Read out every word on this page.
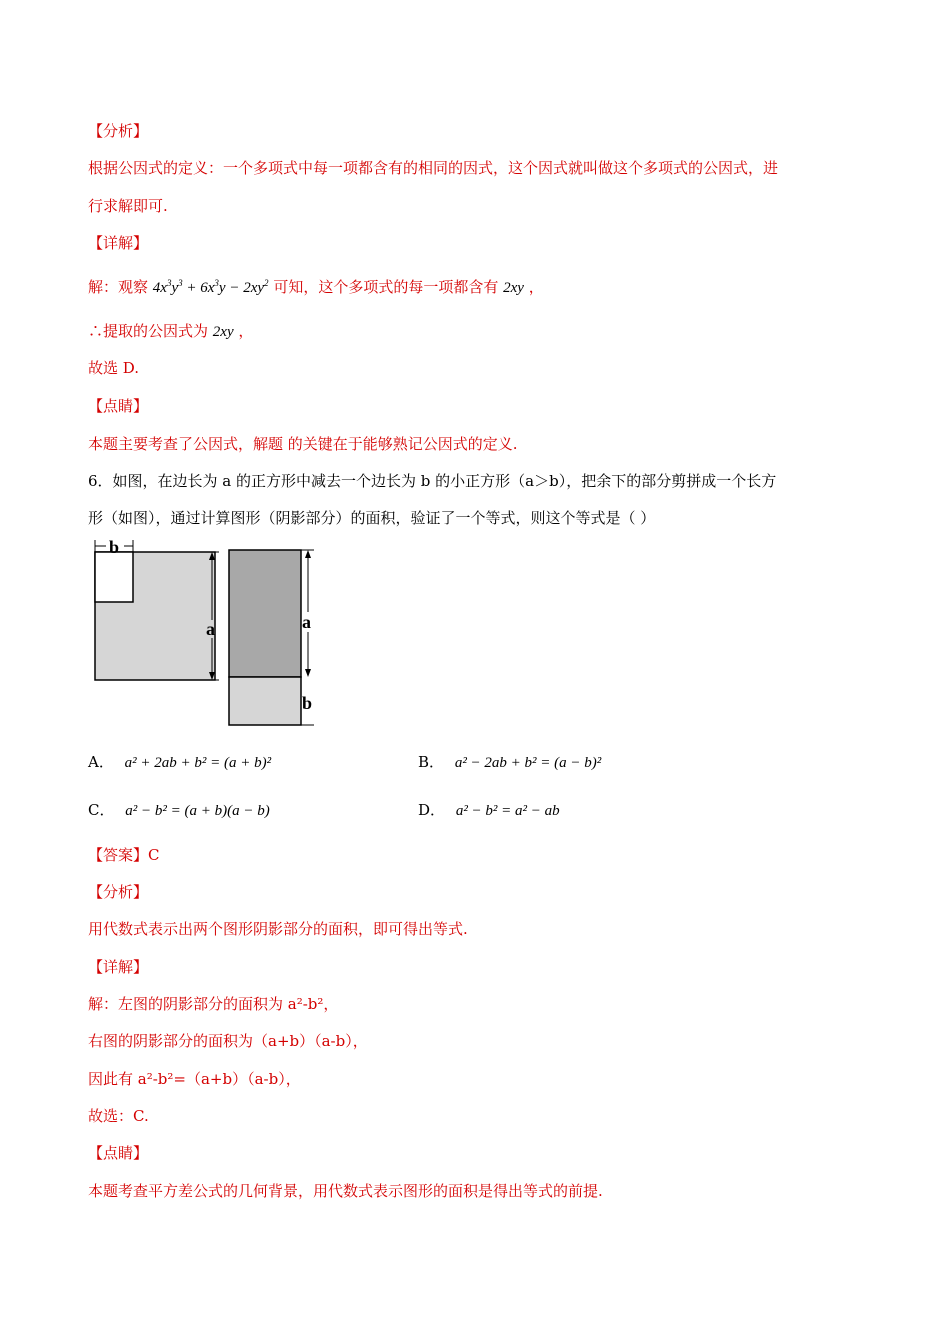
【分析】
根据公因式的定义：一个多项式中每一项都含有的相同的因式，这个因式就叫做这个多项式的公因式，进
行求解即可.
【详解】
解：观察 $4x^3y^3 + 6x^3y - 2xy^2$ 可知，这个多项式的每一项都含有 2xy ，
∴提取的公因式为 2xy ，
故选 D.
【点睛】
本题主要考查了公因式，解题 的关键在于能够熟记公因式的定义.
6．如图，在边长为 a 的正方形中减去一个边长为 b 的小正方形（a＞b），把余下的部分剪拼成一个长方
形（如图），通过计算图形（阴影部分）的面积，验证了一个等式，则这个等式是（ ）
b
a	a
b
A． a² + 2ab + b² = (a + b)²	B． a² − 2ab + b² = (a − b)²
C． a² − b² = (a + b)(a − b)	D． a² − b² = a² − ab
【答案】C
【分析】
用代数式表示出两个图形阴影部分的面积，即可得出等式.
【详解】
解：左图的阴影部分的面积为 a²-b²，
右图的阴影部分的面积为（a+b）（a-b），
因此有 a²-b²=（a+b）（a-b），
故选：C.
【点睛】
本题考查平方差公式的几何背景，用代数式表示图形的面积是得出等式的前提.
